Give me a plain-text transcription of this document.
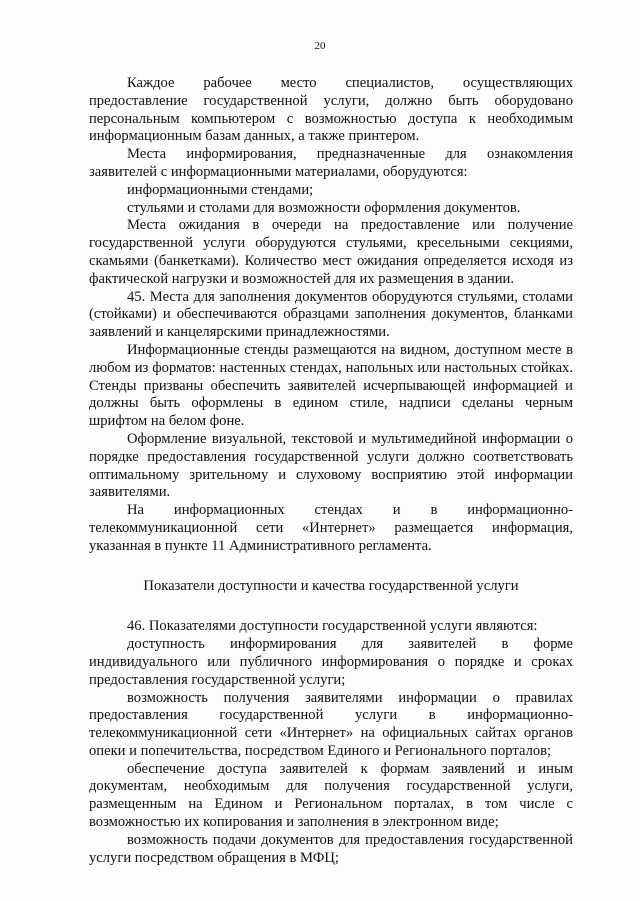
20

Каждое рабочее место специалистов, осуществляющих предоставление государственной услуги, должно быть оборудовано персональным компьютером с возможностью доступа к необходимым информационным базам данных, а также принтером.

Места информирования, предназначенные для ознакомления заявителей с информационными материалами, оборудуются:

информационными стендами;

стульями и столами для возможности оформления документов.

Места ожидания в очереди на предоставление или получение государственной услуги оборудуются стульями, кресельными секциями, скамьями (банкетками). Количество мест ожидания определяется исходя из фактической нагрузки и возможностей для их размещения в здании.

45. Места для заполнения документов оборудуются стульями, столами (стойками) и обеспечиваются образцами заполнения документов, бланками заявлений и канцелярскими принадлежностями.

Информационные стенды размещаются на видном, доступном месте в любом из форматов: настенных стендах, напольных или настольных стойках. Стенды призваны обеспечить заявителей исчерпывающей информацией и должны быть оформлены в едином стиле, надписи сделаны черным шрифтом на белом фоне.

Оформление визуальной, текстовой и мультимедийной информации о порядке предоставления государственной услуги должно соответствовать оптимальному зрительному и слуховому восприятию этой информации заявителями.

На информационных стендах и в информационно-телекоммуникационной сети «Интернет» размещается информация, указанная в пункте 11 Административного регламента.

Показатели доступности и качества государственной услуги

46. Показателями доступности государственной услуги являются:

доступность информирования для заявителей в форме индивидуального или публичного информирования о порядке и сроках предоставления государственной услуги;

возможность получения заявителями информации о правилах предоставления государственной услуги в информационно-телекоммуникационной сети «Интернет» на официальных сайтах органов опеки и попечительства, посредством Единого и Регионального порталов;

обеспечение доступа заявителей к формам заявлений и иным документам, необходимым для получения государственной услуги, размещенным на Едином и Региональном порталах, в том числе с возможностью их копирования и заполнения в электронном виде;

возможность подачи документов для предоставления государственной услуги посредством обращения в МФЦ;
